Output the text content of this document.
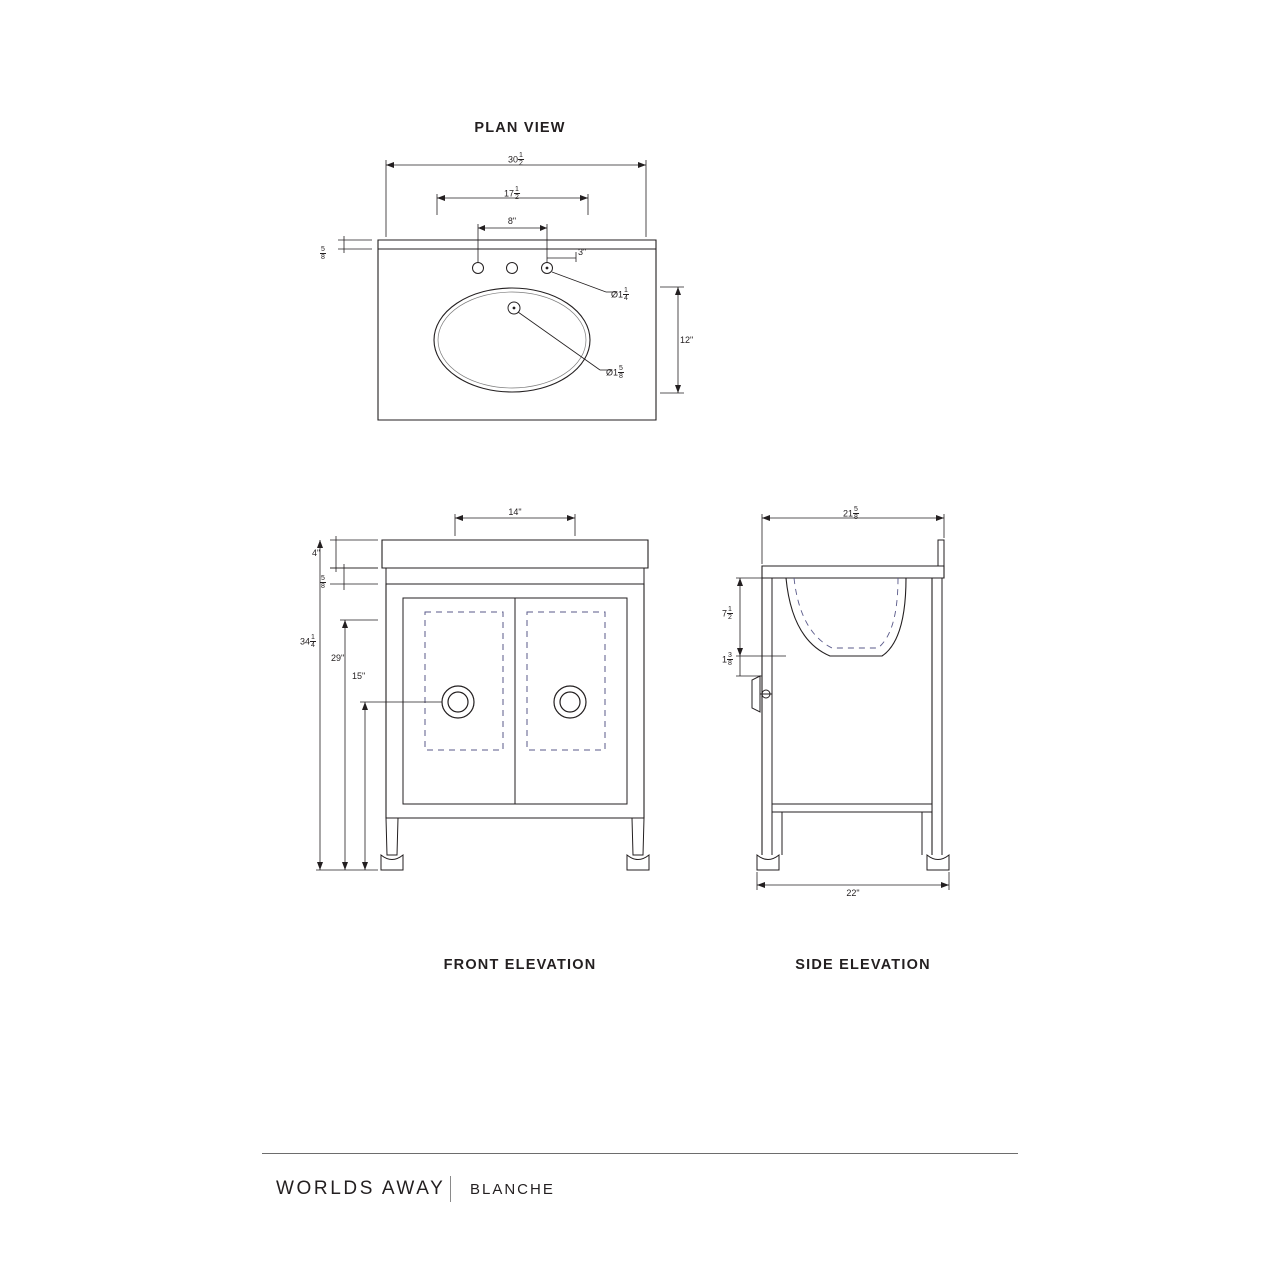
PLAN VIEW
$30 \frac{1}{2}$
$17 \frac{1}{2}$
8"
3"
$\frac{5}{8}$
12"
Ø1 $\frac{1}{4}$
Ø1 $\frac{5}{8}$
14"
4"
$\frac{5}{8}$
$34 \frac{1}{4}$
29"
15"
FRONT ELEVATION
$21 \frac{5}{8}$
$7 \frac{1}{2}$
$1 \frac{3}{8}$
22"
SIDE ELEVATION
WORLDS AWAY BLANCHE
